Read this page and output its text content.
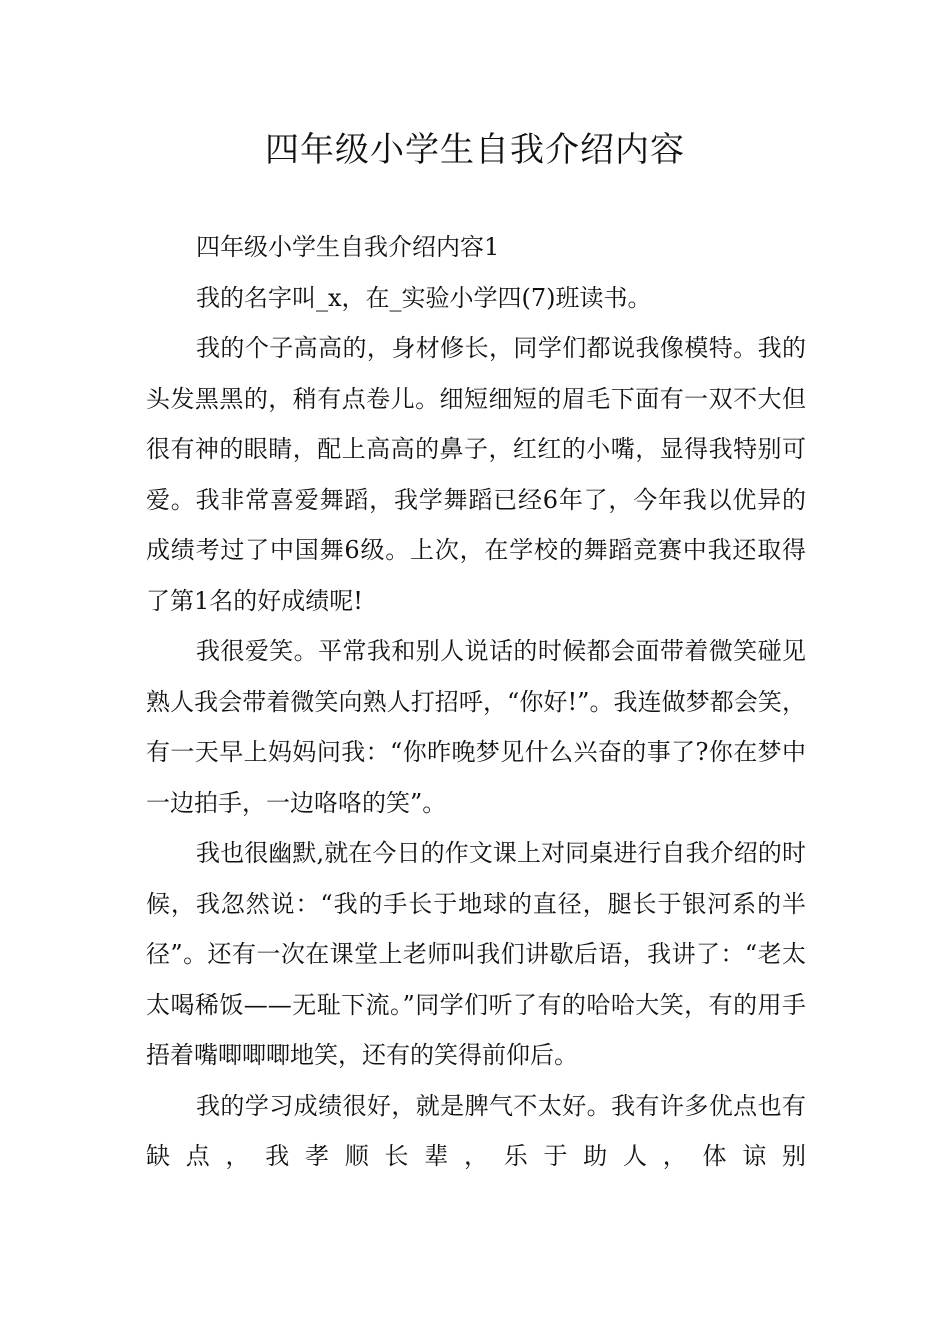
四年级小学生自我介绍内容

四年级小学生自我介绍内容1

我的名字叫_x，在_实验小学四(7)班读书。

我的个子高高的，身材修长，同学们都说我像模特。我的头发黑黑的，稍有点卷儿。细短细短的眉毛下面有一双不大但很有神的眼睛，配上高高的鼻子，红红的小嘴，显得我特别可爱。我非常喜爱舞蹈，我学舞蹈已经6年了，今年我以优异的成绩考过了中国舞6级。上次，在学校的舞蹈竞赛中我还取得了第1名的好成绩呢!

我很爱笑。平常我和别人说话的时候都会面带着微笑碰见熟人我会带着微笑向熟人打招呼，“你好!”。我连做梦都会笑，有一天早上妈妈问我：“你昨晚梦见什么兴奋的事了?你在梦中一边拍手，一边咯咯的笑”。

我也很幽默,就在今日的作文课上对同桌进行自我介绍的时候，我忽然说：“我的手长于地球的直径，腿长于银河系的半径”。还有一次在课堂上老师叫我们讲歇后语，我讲了：“老太太喝稀饭——无耻下流。”同学们听了有的哈哈大笑，有的用手捂着嘴唧唧唧地笑，还有的笑得前仰后。

我的学习成绩很好，就是脾气不太好。我有许多优点也有缺点，我孝顺长辈，乐于助人，体谅别
